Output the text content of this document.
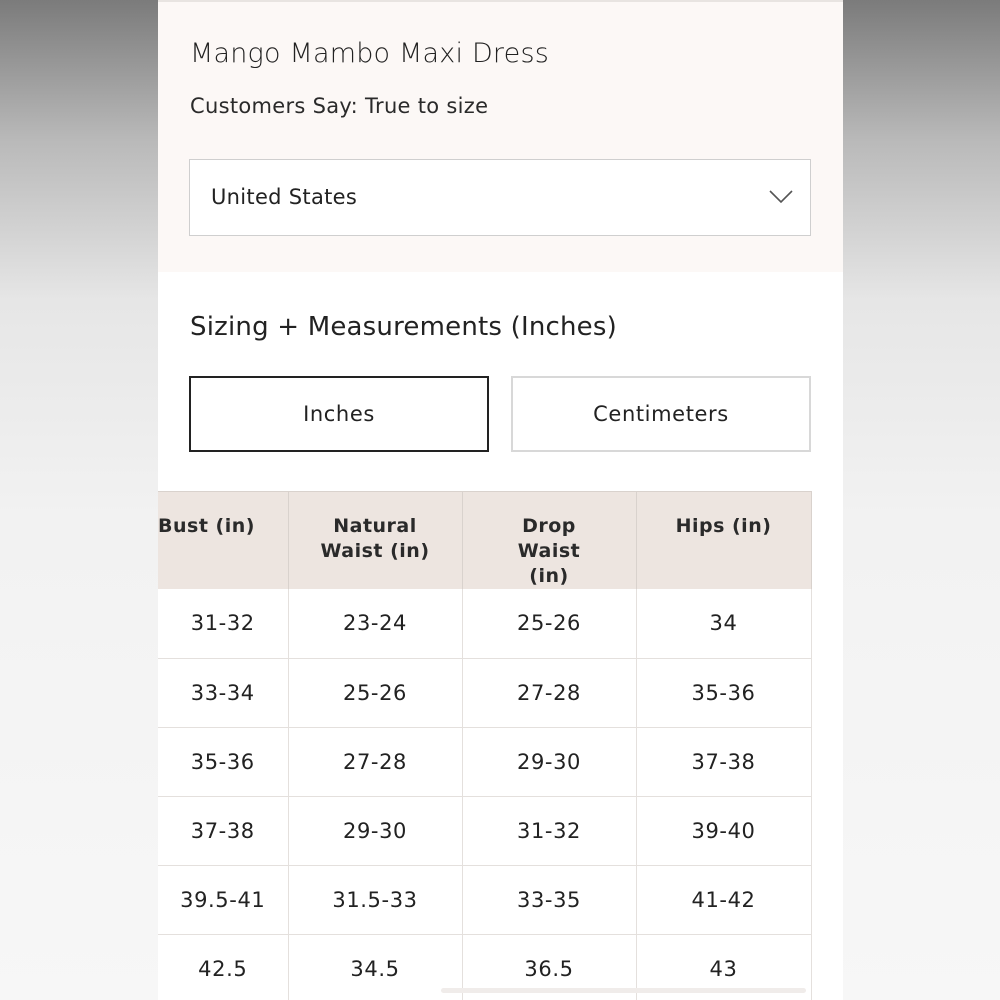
Mango Mambo Maxi Dress
Customers Say: True to size
United States
Sizing + Measurements (Inches)
Inches	Centimeters
Bust (in)	Natural Waist (in)	Drop Waist (in)	Hips (in)
31-32	23-24	25-26	34
33-34	25-26	27-28	35-36
35-36	27-28	29-30	37-38
37-38	29-30	31-32	39-40
39.5-41	31.5-33	33-35	41-42
42.5	34.5	36.5	43
